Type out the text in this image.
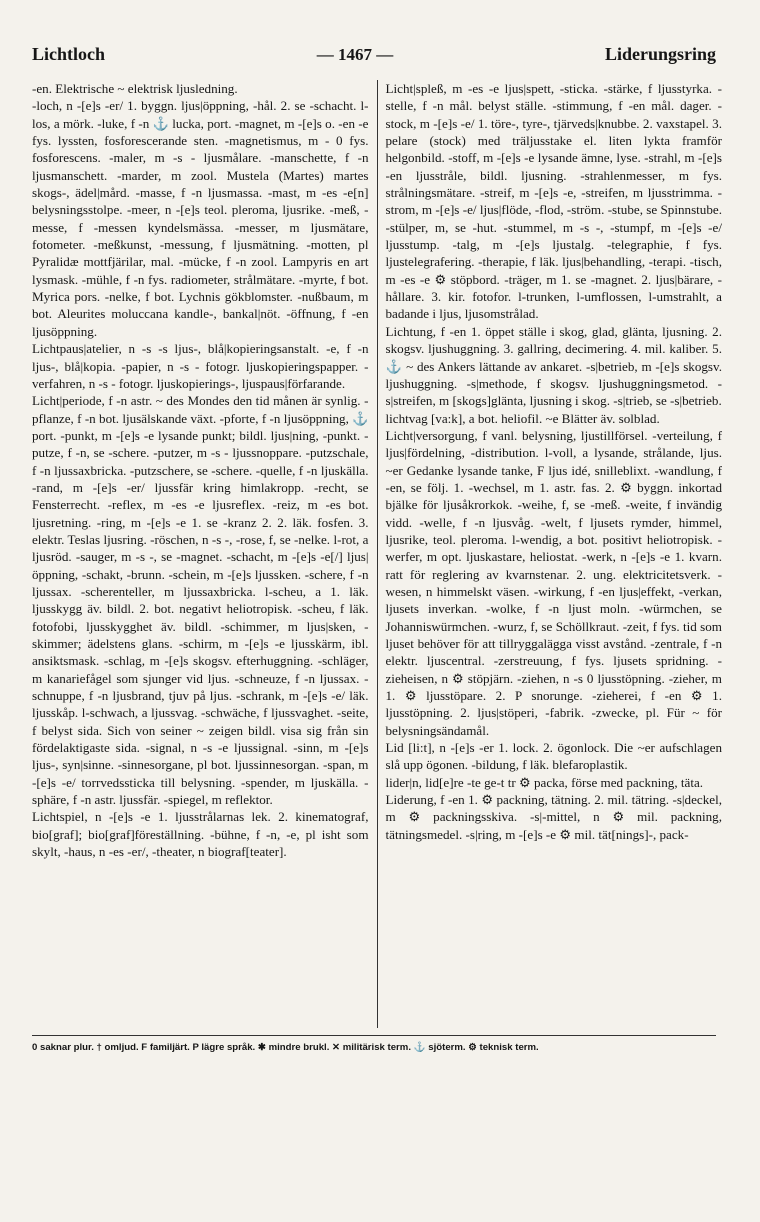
Lichtloch	— 1467 —	Liderungsring

-en. Elektrische ~ elektrisk ljusledning.

-loch, n -[e]s -er/ 1. byggn. ljus|öppning, -hål. 2. se -schacht. l-los, a mörk. -luke, f -n ⚓ lucka, port. -magnet, m -[e]s o. -en -e fys. lyssten, fosforescerande sten. -magnetismus, m - 0 fys. fosforescens. -maler, m -s - ljusmålare. -manschette, f -n ljusmanschett. -marder, m zool. Mustela (Martes) martes skogs-, ädel|mård. -masse, f -n ljusmassa. -mast, m -es -e[n] belysningsstolpe. -meer, n -[e]s teol. pleroma, ljusrike. -meß, -messe, f -messen kyndelsmässa. -messer, m ljusmätare, fotometer. -meßkunst, -messung, f ljusmätning. -motten, pl Pyralidæ mottfjärilar, mal. -mücke, f -n zool. Lampyris en art lysmask. -mühle, f -n fys. radiometer, strålmätare. -myrte, f bot. Myrica pors. -nelke, f bot. Lychnis gökblomster. -nußbaum, m bot. Aleurites moluccana kandle-, bankal|nöt. -öffnung, f -en ljusöppning.

Lichtpaus|atelier, n -s -s ljus-, blå|kopieringsanstalt. -e, f -n ljus-, blå|kopia. -papier, n -s - fotogr. ljuskopieringspapper. -verfahren, n -s - fotogr. ljuskopierings-, ljuspaus|förfarande.

Licht|periode, f -n astr. ~ des Mondes den tid månen är synlig. -pflanze, f -n bot. ljusälskande växt. -pforte, f -n ljusöppning, ⚓ port. -punkt, m -[e]s -e lysande punkt; bildl. ljus|ning, -punkt. -putze, f -n, se -schere. -putzer, m -s - ljussnoppare. -putzschale, f -n ljussaxbricka. -putzschere, se -schere. -quelle, f -n ljuskälla. -rand, m -[e]s -er/ ljussfär kring himlakropp. -recht, se Fensterrecht. -reflex, m -es -e ljusreflex. -reiz, m -es bot. ljusretning. -ring, m -[e]s -e 1. se -kranz 2. 2. läk. fosfen. 3. elektr. Teslas ljusring. -röschen, n -s -, -rose, f, se -nelke. l-rot, a ljusröd. -sauger, m -s -, se -magnet. -schacht, m -[e]s -e[/] ljus|öppning, -schakt, -brunn. -schein, m -[e]s ljussken. -schere, f -n ljussax. -scherenteller, m ljussaxbricka. l-scheu, a 1. läk. ljusskygg äv. bildl. 2. bot. negativt heliotropisk. -scheu, f läk. fotofobi, ljusskygghet äv. bildl. -schimmer, m ljus|sken, -skimmer; ädelstens glans. -schirm, m -[e]s -e ljusskärm, ibl. ansiktsmask. -schlag, m -[e]s skogsv. efterhuggning. -schläger, m kanariefågel som sjunger vid ljus. -schneuze, f -n ljussax. -schnuppe, f -n ljusbrand, tjuv på ljus. -schrank, m -[e]s -e/ läk. ljusskåp. l-schwach, a ljussvag. -schwäche, f ljussvaghet. -seite, f belyst sida. Sich von seiner ~ zeigen bildl. visa sig från sin fördelaktigaste sida. -signal, n -s -e ljussignal. -sinn, m -[e]s ljus-, syn|sinne. -sinnesorgane, pl bot. ljussinnesorgan. -span, m -[e]s -e/ torrvedssticka till belysning. -spender, m ljuskälla. -sphäre, f -n astr. ljussfär. -spiegel, m reflektor.

Lichtspiel, n -[e]s -e 1. ljusstrålarnas lek. 2. kinematograf, bio[graf]; bio[graf]föreställning. -bühne, f -n, -e, pl isht som skylt, -haus, n -es -er/, -theater, n biograf[teater].

Licht|spleß, m -es -e ljus|spett, -sticka. -stärke, f ljusstyrka. -stelle, f -n mål. belyst ställe. -stimmung, f -en mål. dager. -stock, m -[e]s -e/ 1. töre-, tyre-, tjärveds|knubbe. 2. vaxstapel. 3. pelare (stock) med träljusstake el. liten lykta framför helgonbild. -stoff, m -[e]s -e lysande ämne, lyse. -strahl, m -[e]s -en ljusstråle, bildl. ljusning. -strahlenmesser, m fys. strålningsmätare. -streif, m -[e]s -e, -streifen, m ljusstrimma. -strom, m -[e]s -e/ ljus|flöde, -flod, -ström. -stube, se Spinnstube. -stülper, m, se -hut. -stummel, m -s -, -stumpf, m -[e]s -e/ ljusstump. -talg, m -[e]s ljustalg. -telegraphie, f fys. ljustelegrafering. -therapie, f läk. ljus|behandling, -terapi. -tisch, m -es -e ⚙ stöpbord. -träger, m 1. se -magnet. 2. ljus|bärare, -hållare. 3. kir. fotofor. l-trunken, l-umflossen, l-umstrahlt, a badande i ljus, ljusomstrålad.

Lichtung, f -en 1. öppet ställe i skog, glad, glänta, ljusning. 2. skogsv. ljushuggning. 3. gallring, decimering. 4. mil. kaliber. 5. ⚓ ~ des Ankers lättande av ankaret. -s|betrieb, m -[e]s skogsv. ljushuggning. -s|methode, f skogsv. ljushuggningsmetod. -s|streifen, m [skogs]glänta, ljusning i skog. -s|trieb, se -s|betrieb.

lichtvag [va:k], a bot. heliofil. ~e Blätter äv. solblad.

Licht|versorgung, f vanl. belysning, ljustillförsel. -verteilung, f ljus|fördelning, -distribution. l-voll, a lysande, strålande, ljus. ~er Gedanke lysande tanke, F ljus idé, snilleblixt. -wandlung, f -en, se följ. 1. -wechsel, m 1. astr. fas. 2. ⚙ byggn. inkortad bjälke för ljusåkrorkok. -weihe, f, se -meß. -weite, f invändig vidd. -welle, f -n ljusvåg. -welt, f ljusets rymder, himmel, ljusrike, teol. pleroma. l-wendig, a bot. positivt heliotropisk. -werfer, m opt. ljuskastare, heliostat. -werk, n -[e]s -e 1. kvarn. ratt för reglering av kvarnstenar. 2. ung. elektricitetsverk. -wesen, n himmelskt väsen. -wirkung, f -en ljus|effekt, -verkan, ljusets inverkan. -wolke, f -n ljust moln. -würmchen, se Johanniswürmchen. -wurz, f, se Schöllkraut. -zeit, f fys. tid som ljuset behöver för att tillryggalägga visst avstånd. -zentrale, f -n elektr. ljuscentral. -zerstreuung, f fys. ljusets spridning. -zieheisen, n ⚙ stöpjärn. -ziehen, n -s 0 ljusstöpning. -zieher, m 1. ⚙ ljusstöpare. 2. P snorunge. -zieherei, f -en ⚙ 1. ljusstöpning. 2. ljus|stöperi, -fabrik. -zwecke, pl. Für ~ för belysningsändamål.

Lid [li:t], n -[e]s -er 1. lock. 2. ögonlock. Die ~er aufschlagen slå upp ögonen. -bildung, f läk. blefaroplastik.

lider|n, lid[e]re -te ge-t tr ⚙ packa, förse med packning, täta.

Liderung, f -en 1. ⚙ packning, tätning. 2. mil. tätring. -s|deckel, m ⚙ packningsskiva. -s|-mittel, n ⚙ mil. packning, tätningsmedel. -s|ring, m -[e]s -e ⚙ mil. tät[nings]-, pack-

0 saknar plur. † omljud. F familjärt. P lägre språk. ✱ mindre brukl. ✕ militärisk term. ⚓ sjöterm. ⚙ teknisk term.
